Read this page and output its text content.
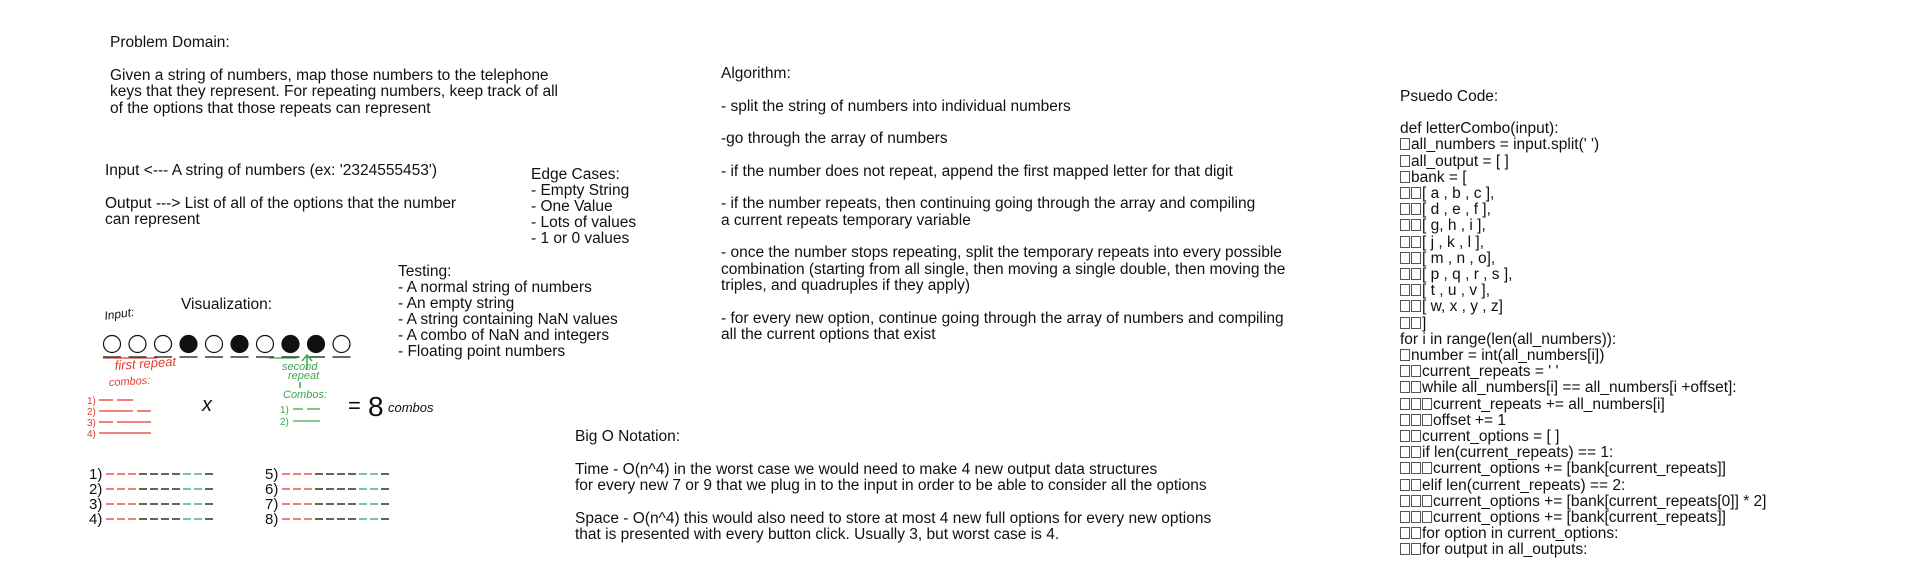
Problem Domain:
Given a string of numbers, map those numbers to the telephone
keys that they represent. For repeating numbers, keep track of all
of the options that those repeats can represent
Input <--- A string of numbers (ex: '2324555453')
Output ---> List of all of the options that the number
can represent
Edge Cases:
- Empty String
- One Value
- Lots of values
- 1 or 0 values
Testing:
- A normal string of numbers
- An empty string
- A string containing NaN values
- A combo of NaN and integers
- Floating point numbers
Visualization:
Input:
first repeat
combos:
1)
2)
3)
4)
second
repeat
Combos:
1)
2)
x	= 8 combos
1)
2)
3)
4)
5)
6)
7)
8)
Big O Notation:
Time - O(n^4) in the worst case we would need to make 4 new output data structures
for every new 7 or 9 that we plug in to the input in order to be able to consider all the options
Space - O(n^4) this would also need to store at most 4 new full options for every new options
that is presented with every button click. Usually 3, but worst case is 4.
Algorithm:
- split the string of numbers into individual numbers
-go through the array of numbers
- if the number does not repeat, append the first mapped letter for that digit
- if the number repeats, then continuing going through the array and compiling
a current repeats temporary variable
- once the number stops repeating, split the temporary repeats into every possible
combination (starting from all single, then moving a single double, then moving the
triples, and quadruples if they apply)
- for every new option, continue going through the array of numbers and compiling
all the current options that exist
Psuedo Code:
def letterCombo(input):
all_numbers = input.split(' ')
all_output = [ ]
bank = [
[ a , b , c ],
[ d , e , f ],
[ g, h , i ],
[ j , k , l ],
[ m , n , o],
[ p , q , r , s ],
[ t , u , v ],
[ w, x , y , z]
]
for i in range(len(all_numbers)):
number = int(all_numbers[i])
current_repeats = ' '
while all_numbers[i] == all_numbers[i +offset]:
current_repeats += all_numbers[i]
offset += 1
current_options = [ ]
if len(current_repeats) == 1:
current_options += [bank[current_repeats]]
elif len(current_repeats) == 2:
current_options += [bank[current_repeats[0]] * 2]
current_options += [bank[current_repeats]]
for option in current_options:
for output in all_outputs:
